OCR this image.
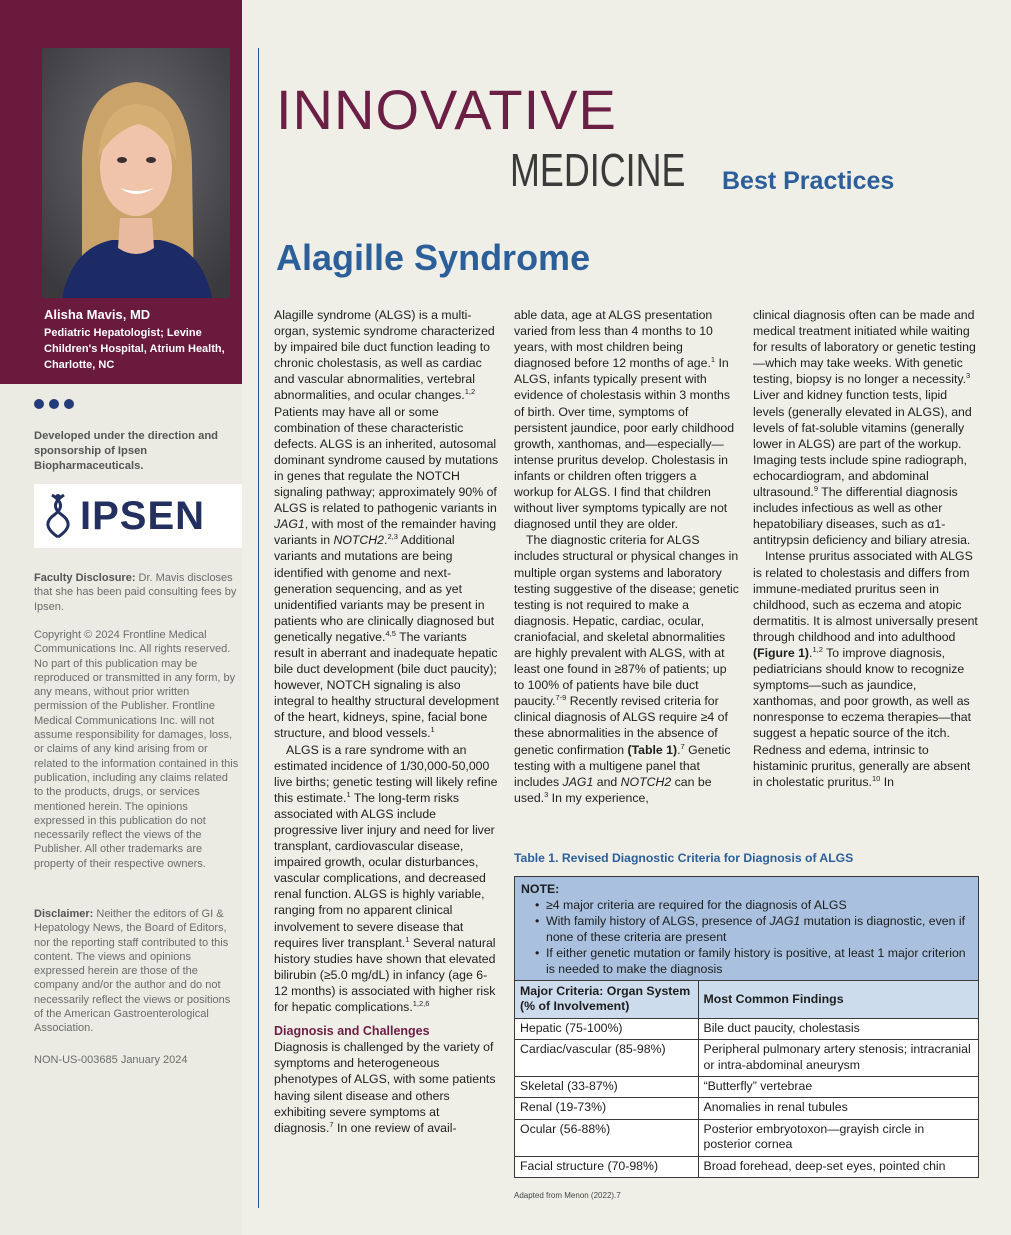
Alisha Mavis, MD
Pediatric Hepatologist; Levine Children's Hospital, Atrium Health, Charlotte, NC
Developed under the direction and sponsorship of Ipsen Biopharmaceuticals.
IPSEN
Faculty Disclosure: Dr. Mavis discloses that she has been paid consulting fees by Ipsen.
Copyright © 2024 Frontline Medical Communications Inc. All rights reserved. No part of this publication may be reproduced or transmitted in any form, by any means, without prior written permission of the Publisher. Frontline Medical Communications Inc. will not assume responsibility for damages, loss, or claims of any kind arising from or related to the information contained in this publication, including any claims related to the products, drugs, or services mentioned herein. The opinions expressed in this publication do not necessarily reflect the views of the Publisher. All other trademarks are property of their respective owners.
Disclaimer: Neither the editors of GI & Hepatology News, the Board of Editors, nor the reporting staff contributed to this content. The views and opinions expressed herein are those of the company and/or the author and do not necessarily reflect the views or positions of the American Gastroenterological Association.
NON-US-003685 January 2024
INNOVATIVE
MEDICINE Best Practices
Alagille Syndrome

Alagille syndrome (ALGS) is a multi-organ, systemic syndrome characterized by impaired bile duct function leading to chronic cholestasis, as well as cardiac and vascular abnormalities, vertebral abnormalities, and ocular changes.$^{1,2}$ Patients may have all or some combination of these characteristic defects. ALGS is an inherited, autosomal dominant syndrome caused by mutations in genes that regulate the NOTCH signaling pathway; approximately 90% of ALGS is related to pathogenic variants in JAG1, with most of the remainder having variants in NOTCH2.$^{2,3}$ Additional variants and mutations are being identified with genome and next-generation sequencing, and as yet unidentified variants may be present in patients who are clinically diagnosed but genetically negative.$^{4,5}$ The variants result in aberrant and inadequate hepatic bile duct development (bile duct paucity); however, NOTCH signaling is also integral to healthy structural development of the heart, kidneys, spine, facial bone structure, and blood vessels.$^1$

ALGS is a rare syndrome with an estimated incidence of 1/30,000-50,000 live births; genetic testing will likely refine this estimate.$^1$ The long-term risks associated with ALGS include progressive liver injury and need for liver transplant, cardiovascular disease, impaired growth, ocular disturbances, vascular complications, and decreased renal function. ALGS is highly variable, ranging from no apparent clinical involvement to severe disease that requires liver transplant.$^1$ Several natural history studies have shown that elevated bilirubin (≥5.0 mg/dL) in infancy (age 6-12 months) is associated with higher risk for hepatic complications.$^{1,2,6}$

Diagnosis and Challenges

Diagnosis is challenged by the variety of symptoms and heterogeneous phenotypes of ALGS, with some patients having silent disease and others exhibiting severe symptoms at diagnosis.$^7$ In one review of avail-

able data, age at ALGS presentation varied from less than 4 months to 10 years, with most children being diagnosed before 12 months of age.$^1$ In ALGS, infants typically present with evidence of cholestasis within 3 months of birth. Over time, symptoms of persistent jaundice, poor early childhood growth, xanthomas, and—especially—intense pruritus develop. Cholestasis in infants or children often triggers a workup for ALGS. I find that children without liver symptoms typically are not diagnosed until they are older.

The diagnostic criteria for ALGS includes structural or physical changes in multiple organ systems and laboratory testing suggestive of the disease; genetic testing is not required to make a diagnosis. Hepatic, cardiac, ocular, craniofacial, and skeletal abnormalities are highly prevalent with ALGS, with at least one found in ≥87% of patients; up to 100% of patients have bile duct paucity.$^{7-9}$ Recently revised criteria for clinical diagnosis of ALGS require ≥4 of these abnormalities in the absence of genetic confirmation (Table 1).$^7$ Genetic testing with a multigene panel that includes JAG1 and NOTCH2 can be used.$^3$ In my experience,

clinical diagnosis often can be made and medical treatment initiated while waiting for results of laboratory or genetic testing—which may take weeks. With genetic testing, biopsy is no longer a necessity.$^3$ Liver and kidney function tests, lipid levels (generally elevated in ALGS), and levels of fat-soluble vitamins (generally lower in ALGS) are part of the workup. Imaging tests include spine radiograph, echocardiogram, and abdominal ultrasound.$^9$ The differential diagnosis includes infectious as well as other hepatobiliary diseases, such as α1-antitrypsin deficiency and biliary atresia.

Intense pruritus associated with ALGS is related to cholestasis and differs from immune-mediated pruritus seen in childhood, such as eczema and atopic dermatitis. It is almost universally present through childhood and into adulthood (Figure 1).$^{1,2}$ To improve diagnosis, pediatricians should know to recognize symptoms—such as jaundice, xanthomas, and poor growth, as well as nonresponse to eczema therapies—that suggest a hepatic source of the itch. Redness and edema, intrinsic to histaminic pruritus, generally are absent in cholestatic pruritus.$^{10}$ In

Table 1. Revised Diagnostic Criteria for Diagnosis of ALGS
NOTE:
• ≥4 major criteria are required for the diagnosis of ALGS
• With family history of ALGS, presence of JAG1 mutation is diagnostic, even if none of these criteria are present
• If either genetic mutation or family history is positive, at least 1 major criterion is needed to make the diagnosis
Major Criteria: Organ System (% of Involvement)	Most Common Findings
Hepatic (75-100%)	Bile duct paucity, cholestasis
Cardiac/vascular (85-98%)	Peripheral pulmonary artery stenosis; intracranial or intra-abdominal aneurysm
Skeletal (33-87%)	“Butterfly” vertebrae
Renal (19-73%)	Anomalies in renal tubules
Ocular (56-88%)	Posterior embryotoxon—grayish circle in posterior cornea
Facial structure (70-98%)	Broad forehead, deep-set eyes, pointed chin
Adapted from Menon (2022).7
